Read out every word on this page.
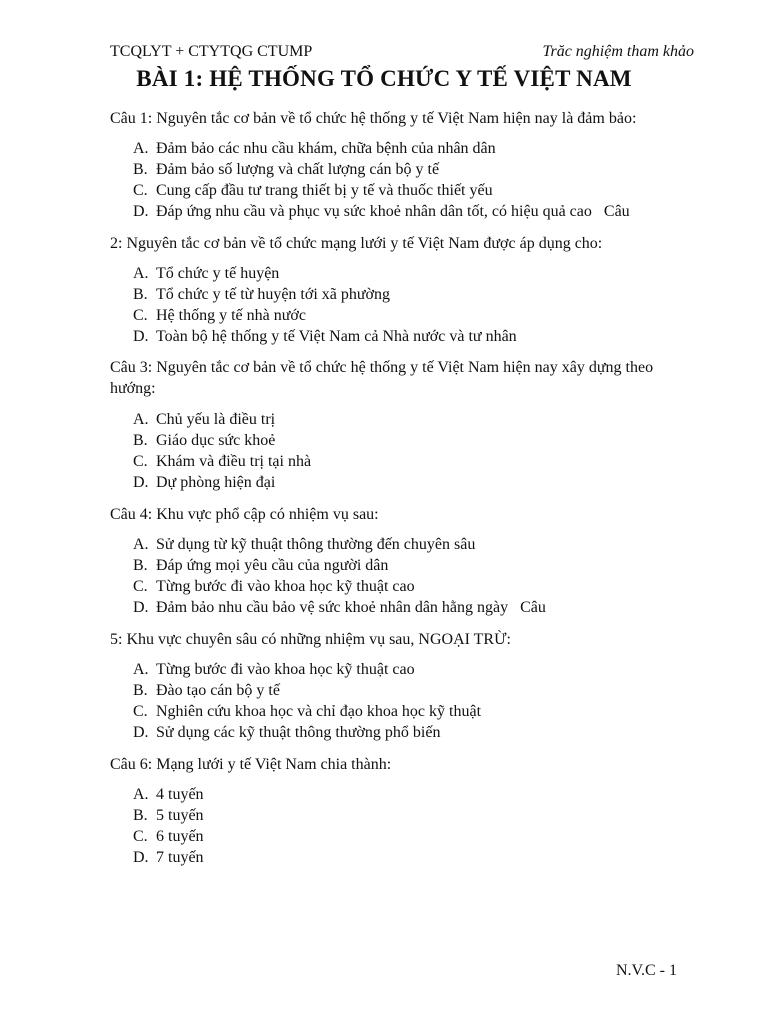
TCQLYT + CTYTQG CTUMP	Trăc nghiệm tham khảo
BÀI 1: HỆ THỐNG TỔ CHỨC Y TẾ VIỆT NAM
Câu 1: Nguyên tắc cơ bản về tổ chức hệ thống y tế Việt Nam hiện nay là đảm bảo:
A. Đảm bảo các nhu cầu khám, chữa bệnh của nhân dân
B. Đảm bảo số lượng và chất lượng cán bộ y tế
C. Cung cấp đầu tư trang thiết bị y tế và thuốc thiết yếu
D. Đáp ứng nhu cầu và phục vụ sức khoẻ nhân dân tốt, có hiệu quả cao Câu
2: Nguyên tắc cơ bản về tổ chức mạng lưới y tế Việt Nam được áp dụng cho:
A. Tổ chức y tế huyện
B. Tổ chức y tế từ huyện tới xã phường
C. Hệ thống y tế nhà nước
D. Toàn bộ hệ thống y tế Việt Nam cả Nhà nước và tư nhân
Câu 3: Nguyên tắc cơ bản về tổ chức hệ thống y tế Việt Nam hiện nay xây dựng theo hướng:
A. Chủ yếu là điều trị
B. Giáo dục sức khoẻ
C. Khám và điều trị tại nhà
D. Dự phòng hiện đại
Câu 4: Khu vực phổ cập có nhiệm vụ sau:
A. Sử dụng từ kỹ thuật thông thường đến chuyên sâu
B. Đáp ứng mọi yêu cầu của người dân
C. Từng bước đi vào khoa học kỹ thuật cao
D. Đảm bảo nhu cầu bảo vệ sức khoẻ nhân dân hằng ngày Câu
5: Khu vực chuyên sâu có những nhiệm vụ sau, NGOẠI TRỪ:
A. Từng bước đi vào khoa học kỹ thuật cao
B. Đào tạo cán bộ y tế
C. Nghiên cứu khoa học và chỉ đạo khoa học kỹ thuật
D. Sử dụng các kỹ thuật thông thường phổ biến
Câu 6: Mạng lưới y tế Việt Nam chia thành:
A. 4 tuyến
B. 5 tuyến
C. 6 tuyến
D. 7 tuyến
N.V.C - 1
